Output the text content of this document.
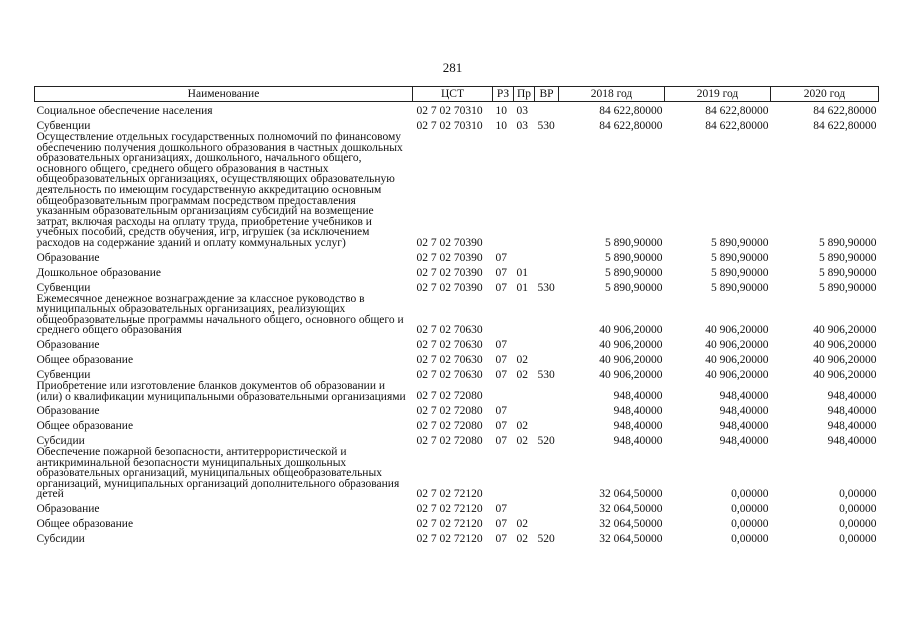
281
Наименование	ЦСТ	РЗ	Пр	ВР	2018 год	2019 год	2020 год
Социальное обеспечение населения	02 7 02 70310	10	03		84 622,80000	84 622,80000	84 622,80000
Субвенции	02 7 02 70310	10	03	530	84 622,80000	84 622,80000	84 622,80000
Осуществление отдельных государственных полномочий по финансовому обеспечению получения дошкольного образования в частных дошкольных образовательных организациях, дошкольного, начального общего, основного общего, среднего общего образования в частных общеобразовательных организациях, осуществляющих образовательную деятельность по имеющим государственную аккредитацию основным общеобразовательным программам посредством предоставления указанным образовательным организациям субсидий на возмещение затрат, включая расходы на оплату труда, приобретение учебников и учебных пособий, средств обучения, игр, игрушек (за исключением расходов на содержание зданий и оплату коммунальных услуг)	02 7 02 70390				5 890,90000	5 890,90000	5 890,90000
Образование	02 7 02 70390	07			5 890,90000	5 890,90000	5 890,90000
Дошкольное образование	02 7 02 70390	07	01		5 890,90000	5 890,90000	5 890,90000
Субвенции	02 7 02 70390	07	01	530	5 890,90000	5 890,90000	5 890,90000
Ежемесячное денежное вознаграждение за классное руководство в муниципальных образовательных организациях, реализующих общеобразовательные программы начального общего, основного общего и среднего общего образования	02 7 02 70630				40 906,20000	40 906,20000	40 906,20000
Образование	02 7 02 70630	07			40 906,20000	40 906,20000	40 906,20000
Общее образование	02 7 02 70630	07	02		40 906,20000	40 906,20000	40 906,20000
Субвенции	02 7 02 70630	07	02	530	40 906,20000	40 906,20000	40 906,20000
Приобретение или изготовление бланков документов об образовании и (или) о квалификации муниципальными образовательными организациями	02 7 02 72080				948,40000	948,40000	948,40000
Образование	02 7 02 72080	07			948,40000	948,40000	948,40000
Общее образование	02 7 02 72080	07	02		948,40000	948,40000	948,40000
Субсидии	02 7 02 72080	07	02	520	948,40000	948,40000	948,40000
Обеспечение пожарной безопасности, антитеррористической и антикриминальной безопасности муниципальных дошкольных образовательных организаций, муниципальных общеобразовательных организаций, муниципальных организаций дополнительного образования детей	02 7 02 72120				32 064,50000	0,00000	0,00000
Образование	02 7 02 72120	07			32 064,50000	0,00000	0,00000
Общее образование	02 7 02 72120	07	02		32 064,50000	0,00000	0,00000
Субсидии	02 7 02 72120	07	02	520	32 064,50000	0,00000	0,00000
